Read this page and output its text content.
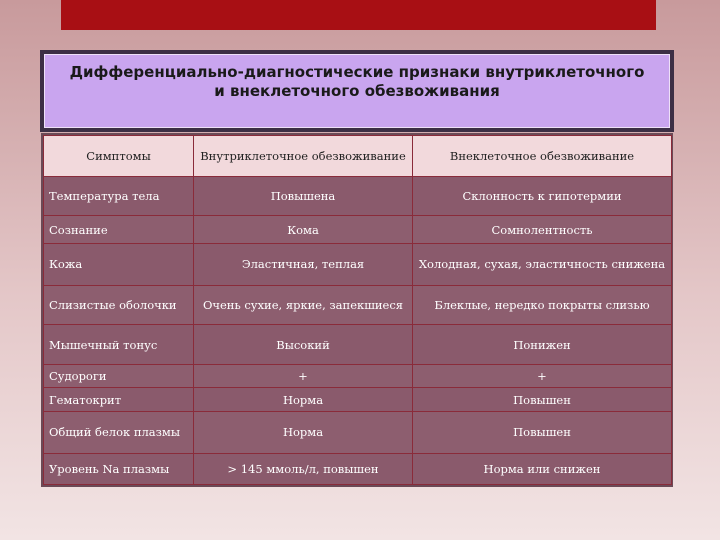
Дифференциально-диагностические признаки внутриклеточного и внеклеточного обезвоживания
Симптомы	Внутриклеточное обезвоживание	Внеклеточное обезвоживание
Температура тела	Повышена	Склонность к гипотермии
Сознание	Кома	Сомнолентность
Кожа	Эластичная, теплая	Холодная, сухая, эластичность снижена
Слизистые оболочки	Очень сухие, яркие, запекшиеся	Блеклые, нередко покрыты слизью
Мышечный тонус	Высокий	Понижен
Судороги	+	+
Гематокрит	Норма	Повышен
Общий белок плазмы	Норма	Повышен
Уровень Na плазмы	> 145 ммоль/л, повышен	Норма или снижен
